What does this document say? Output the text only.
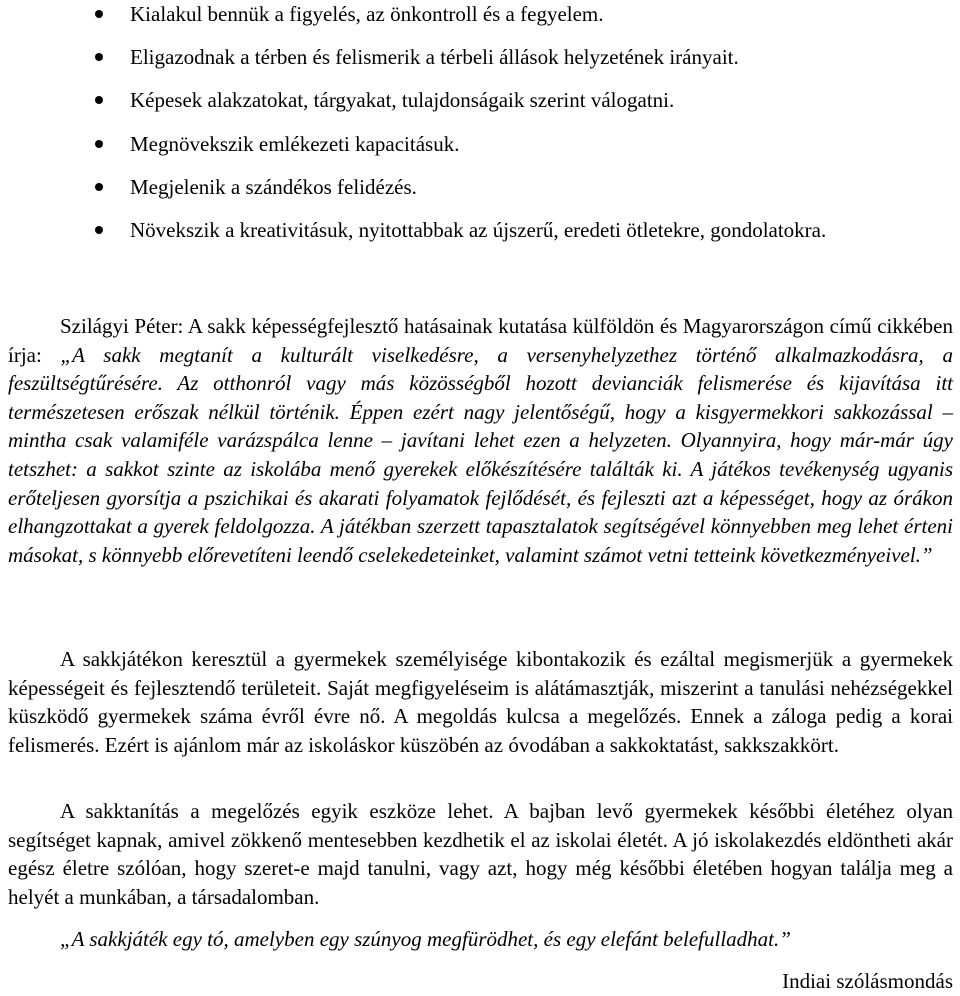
Kialakul bennük a figyelés, az önkontroll és a fegyelem.
Eligazodnak a térben és felismerik a térbeli állások helyzetének irányait.
Képesek alakzatokat, tárgyakat, tulajdonságaik szerint válogatni.
Megnövekszik emlékezeti kapacitásuk.
Megjelenik a szándékos felidézés.
Növekszik a kreativitásuk, nyitottabbak az újszerű, eredeti ötletekre, gondolatokra.

Szilágyi Péter: A sakk képességfejlesztő hatásainak kutatása külföldön és Magyarországon című cikkében írja: „A sakk megtanít a kulturált viselkedésre, a versenyhelyzethez történő alkalmazkodásra, a feszültségtűrésére. Az otthonról vagy más közösségből hozott devianciák felismerése és kijavítása itt természetesen erőszak nélkül történik. Éppen ezért nagy jelentőségű, hogy a kisgyermekkori sakkozással – mintha csak valamiféle varázspálca lenne – javítani lehet ezen a helyzeten. Olyannyira, hogy már-már úgy tetszhet: a sakkot szinte az iskolába menő gyerekek előkészítésére találták ki. A játékos tevékenység ugyanis erőteljesen gyorsítja a pszichikai és akarati folyamatok fejlődését, és fejleszti azt a képességet, hogy az órákon elhangzottakat a gyerek feldolgozza. A játékban szerzett tapasztalatok segítségével könnyebben meg lehet érteni másokat, s könnyebb előrevetíteni leendő cselekedeteinket, valamint számot vetni tetteink következményeivel.”

A sakkjátékon keresztül a gyermekek személyisége kibontakozik és ezáltal megismerjük a gyermekek képességeit és fejlesztendő területeit. Saját megfigyeléseim is alátámasztják, miszerint a tanulási nehézségekkel küszködő gyermekek száma évről évre nő. A megoldás kulcsa a megelőzés. Ennek a záloga pedig a korai felismerés. Ezért is ajánlom már az iskoláskor küszöbén az óvodában a sakkoktatást, sakkszakkört.

A sakktanítás a megelőzés egyik eszköze lehet. A bajban levő gyermekek későbbi életéhez olyan segítséget kapnak, amivel zökkenő mentesebben kezdhetik el az iskolai életét. A jó iskolakezdés eldöntheti akár egész életre szólóan, hogy szeret-e majd tanulni, vagy azt, hogy még későbbi életében hogyan találja meg a helyét a munkában, a társadalomban.

„A sakkjáték egy tó, amelyben egy szúnyog megfürödhet, és egy elefánt belefulladhat.”

Indiai szólásmondás
